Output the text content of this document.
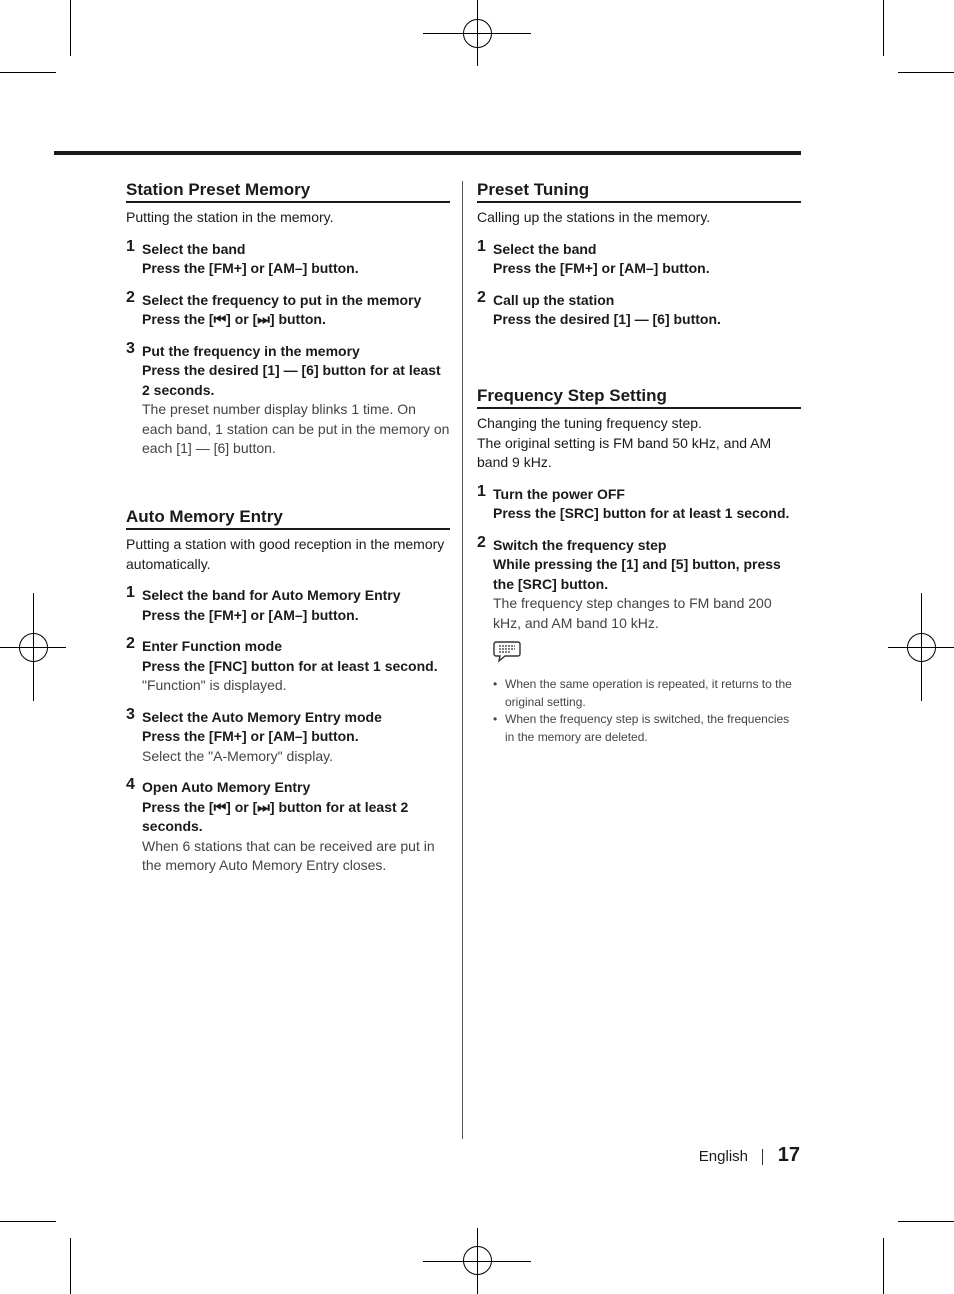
Station Preset Memory

Putting the station in the memory.

1 Select the band

Press the [FM+] or [AM–] button.

2 Select the frequency to put in the memory

Press the [⏮] or [⏭] button.

3 Put the frequency in the memory

Press the desired [1] — [6] button for at least 2 seconds.

The preset number display blinks 1 time. On each band, 1 station can be put in the memory on each [1] — [6] button.

Auto Memory Entry

Putting a station with good reception in the memory automatically.

1 Select the band for Auto Memory Entry

Press the [FM+] or [AM–] button.

2 Enter Function mode

Press the [FNC] button for at least 1 second.

"Function" is displayed.

3 Select the Auto Memory Entry mode

Press the [FM+] or [AM–] button.

Select the "A-Memory" display.

4 Open Auto Memory Entry

Press the [⏮] or [⏭] button for at least 2 seconds.

When 6 stations that can be received are put in the memory Auto Memory Entry closes.

Preset Tuning

Calling up the stations in the memory.

1 Select the band

Press the [FM+] or [AM–] button.

2 Call up the station

Press the desired [1] — [6] button.

Frequency Step Setting

Changing the tuning frequency step.

The original setting is FM band 50 kHz, and AM band 9 kHz.

1 Turn the power OFF

Press the [SRC] button for at least 1 second.

2 Switch the frequency step

While pressing the [1] and [5] button, press the [SRC] button.

The frequency step changes to FM band 200 kHz, and AM band 10 kHz.

• When the same operation is repeated, it returns to the original setting.
• When the frequency step is switched, the frequencies in the memory are deleted.
English 17
